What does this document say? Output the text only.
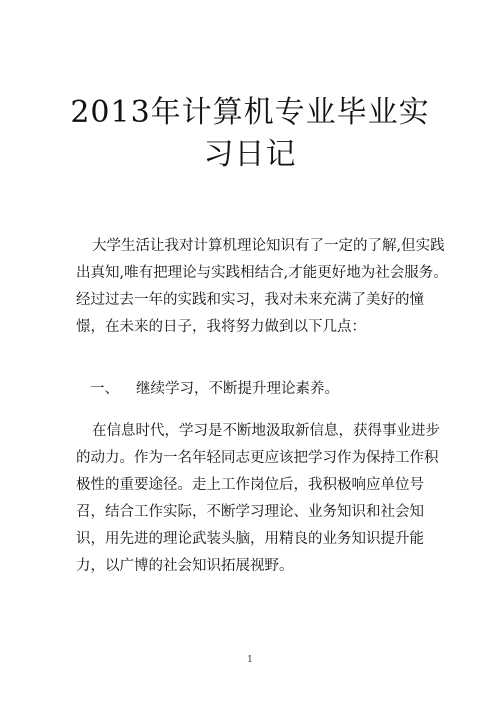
2013年计算机专业毕业实
习日记

大学生活让我对计算机理论知识有了一定的了解,但实践
出真知,唯有把理论与实践相结合,才能更好地为社会服务。
经过过去一年的实践和实习，我对未来充满了美好的憧
憬，在未来的日子，我将努力做到以下几点：

一、 继续学习，不断提升理论素养。

在信息时代，学习是不断地汲取新信息，获得事业进步
的动力。作为一名年轻同志更应该把学习作为保持工作积
极性的重要途径。走上工作岗位后，我积极响应单位号
召，结合工作实际，不断学习理论、业务知识和社会知
识，用先进的理论武装头脑，用精良的业务知识提升能
力，以广博的社会知识拓展视野。

1
